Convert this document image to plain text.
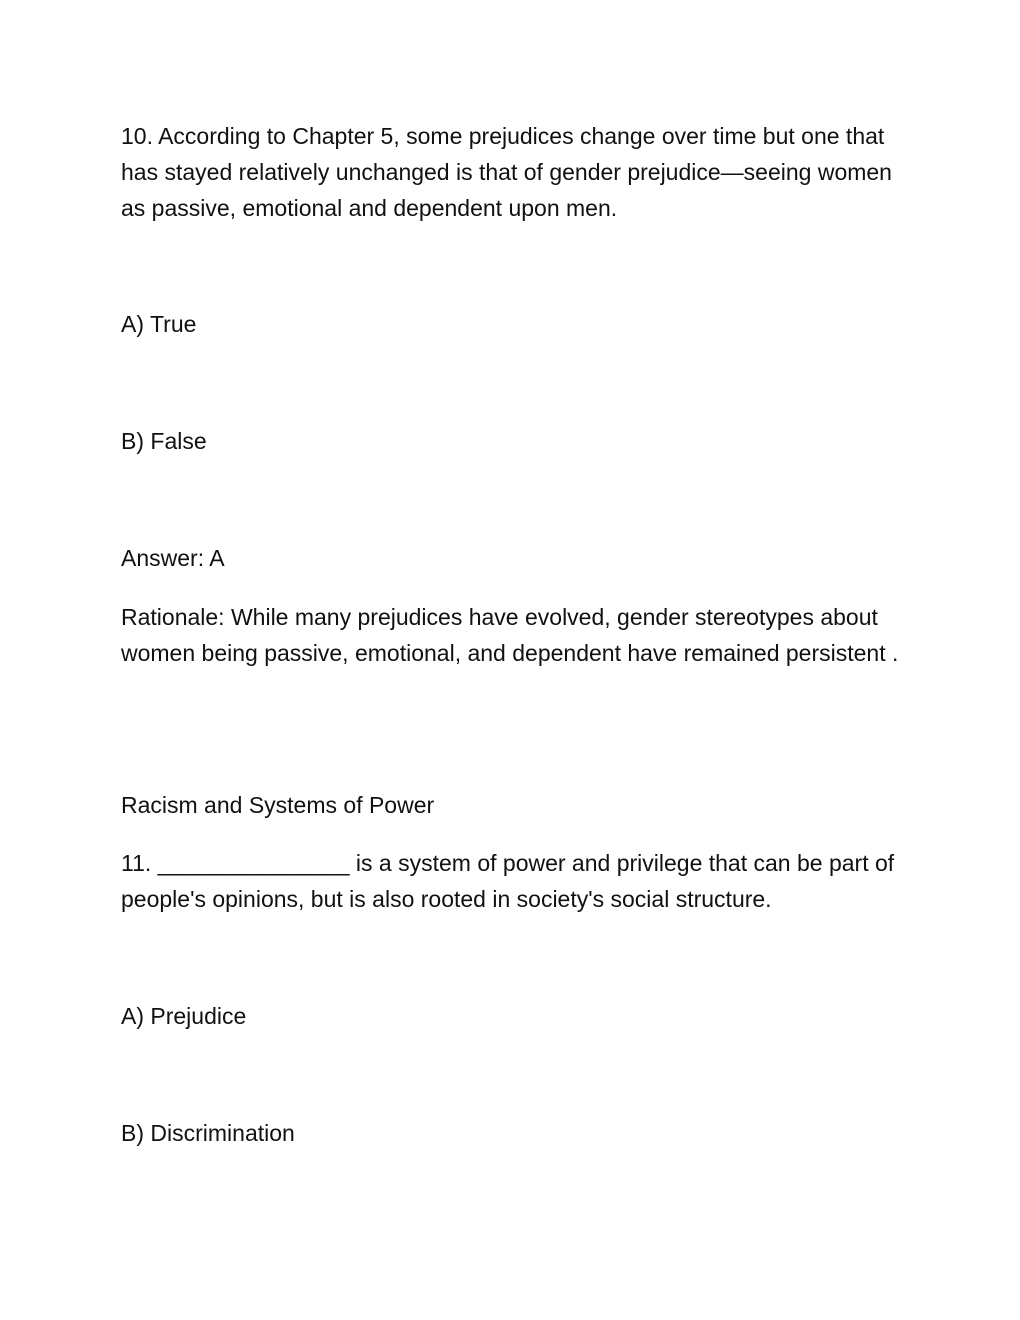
10. According to Chapter 5, some prejudices change over time but one that has stayed relatively unchanged is that of gender prejudice—seeing women as passive, emotional and dependent upon men.

A) True

B) False

Answer: A

Rationale: While many prejudices have evolved, gender stereotypes about women being passive, emotional, and dependent have remained persistent .

Racism and Systems of Power

11. _______________ is a system of power and privilege that can be part of people's opinions, but is also rooted in society's social structure.

A) Prejudice

B) Discrimination
